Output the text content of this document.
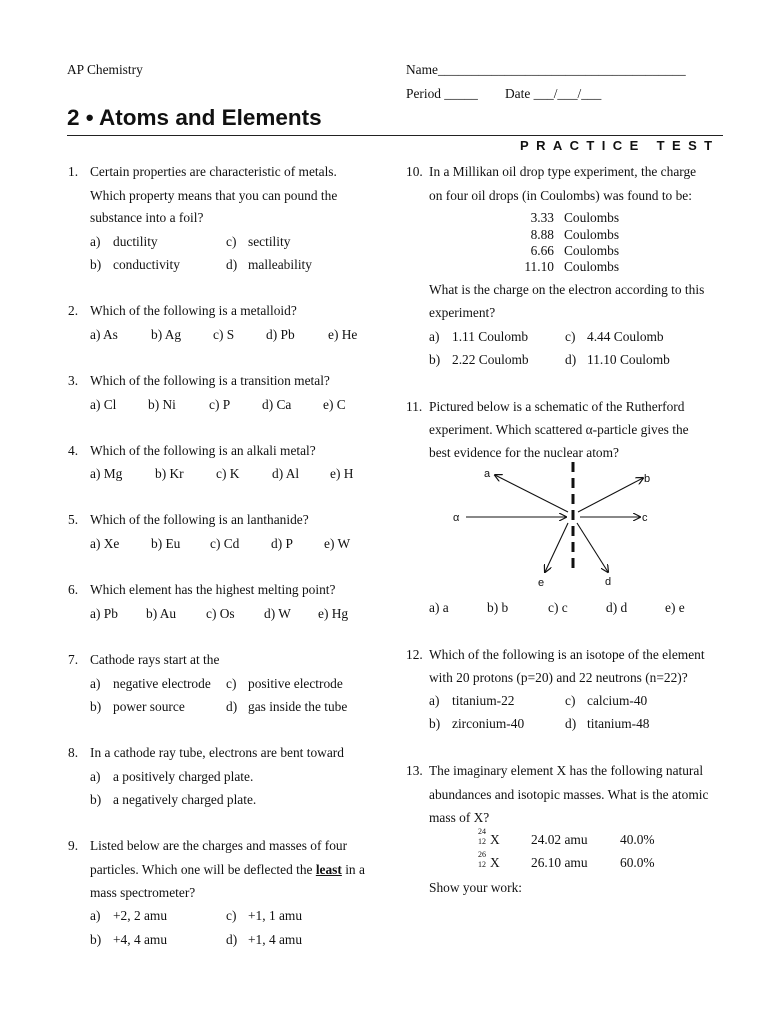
AP Chemistry	Name_____________________________________
Period _____ Date ___/___/___
2 • Atoms and Elements
PRACTICE TEST
1. Certain properties are characteristic of metals.
Which property means that you can pound the
substance into a foil?
a) ductility	c) sectility
b) conductivity	d) malleability
2. Which of the following is a metalloid?
a) As b) Ag c) S d) Pb e) He
3. Which of the following is a transition metal?
a) Cl b) Ni c) P d) Ca e) C
4. Which of the following is an alkali metal?
a) Mg b) Kr c) K d) Al e) H
5. Which of the following is an lanthanide?
a) Xe b) Eu c) Cd d) P e) W
6. Which element has the highest melting point?
a) Pb b) Au c) Os d) W e) Hg
7. Cathode rays start at the
a) negative electrode c) positive electrode
b) power source	d) gas inside the tube
8. In a cathode ray tube, electrons are bent toward
a) a positively charged plate.
b) a negatively charged plate.
9. Listed below are the charges and masses of four
particles. Which one will be deflected the least in a
mass spectrometer?
a) +2, 2 amu	c) +1, 1 amu
b) +4, 4 amu	d) +1, 4 amu
10. In a Millikan oil drop type experiment, the charge
on four oil drops (in Coulombs) was found to be:
3.33 Coulombs
8.88 Coulombs
6.66 Coulombs
11.10 Coulombs
What is the charge on the electron according to this
experiment?
a) 1.11 Coulomb	c) 4.44 Coulomb
b) 2.22 Coulomb	d) 11.10 Coulomb
11. Pictured below is a schematic of the Rutherford
experiment. Which scattered α-particle gives the
best evidence for the nuclear atom?
α
a	b
c
d
e
a) a	b) b	c) c	d) d	e) e
12. Which of the following is an isotope of the element
with 20 protons (p=20) and 22 neutrons (n=22)?
a) titanium-22	c) calcium-40
b) zirconium-40	d) titanium-48
13. The imaginary element X has the following natural
abundances and isotopic masses. What is the atomic
mass of X?
24
12 X 24.02 amu 40.0%
26
12 X 26.10 amu 60.0%
Show your work:
